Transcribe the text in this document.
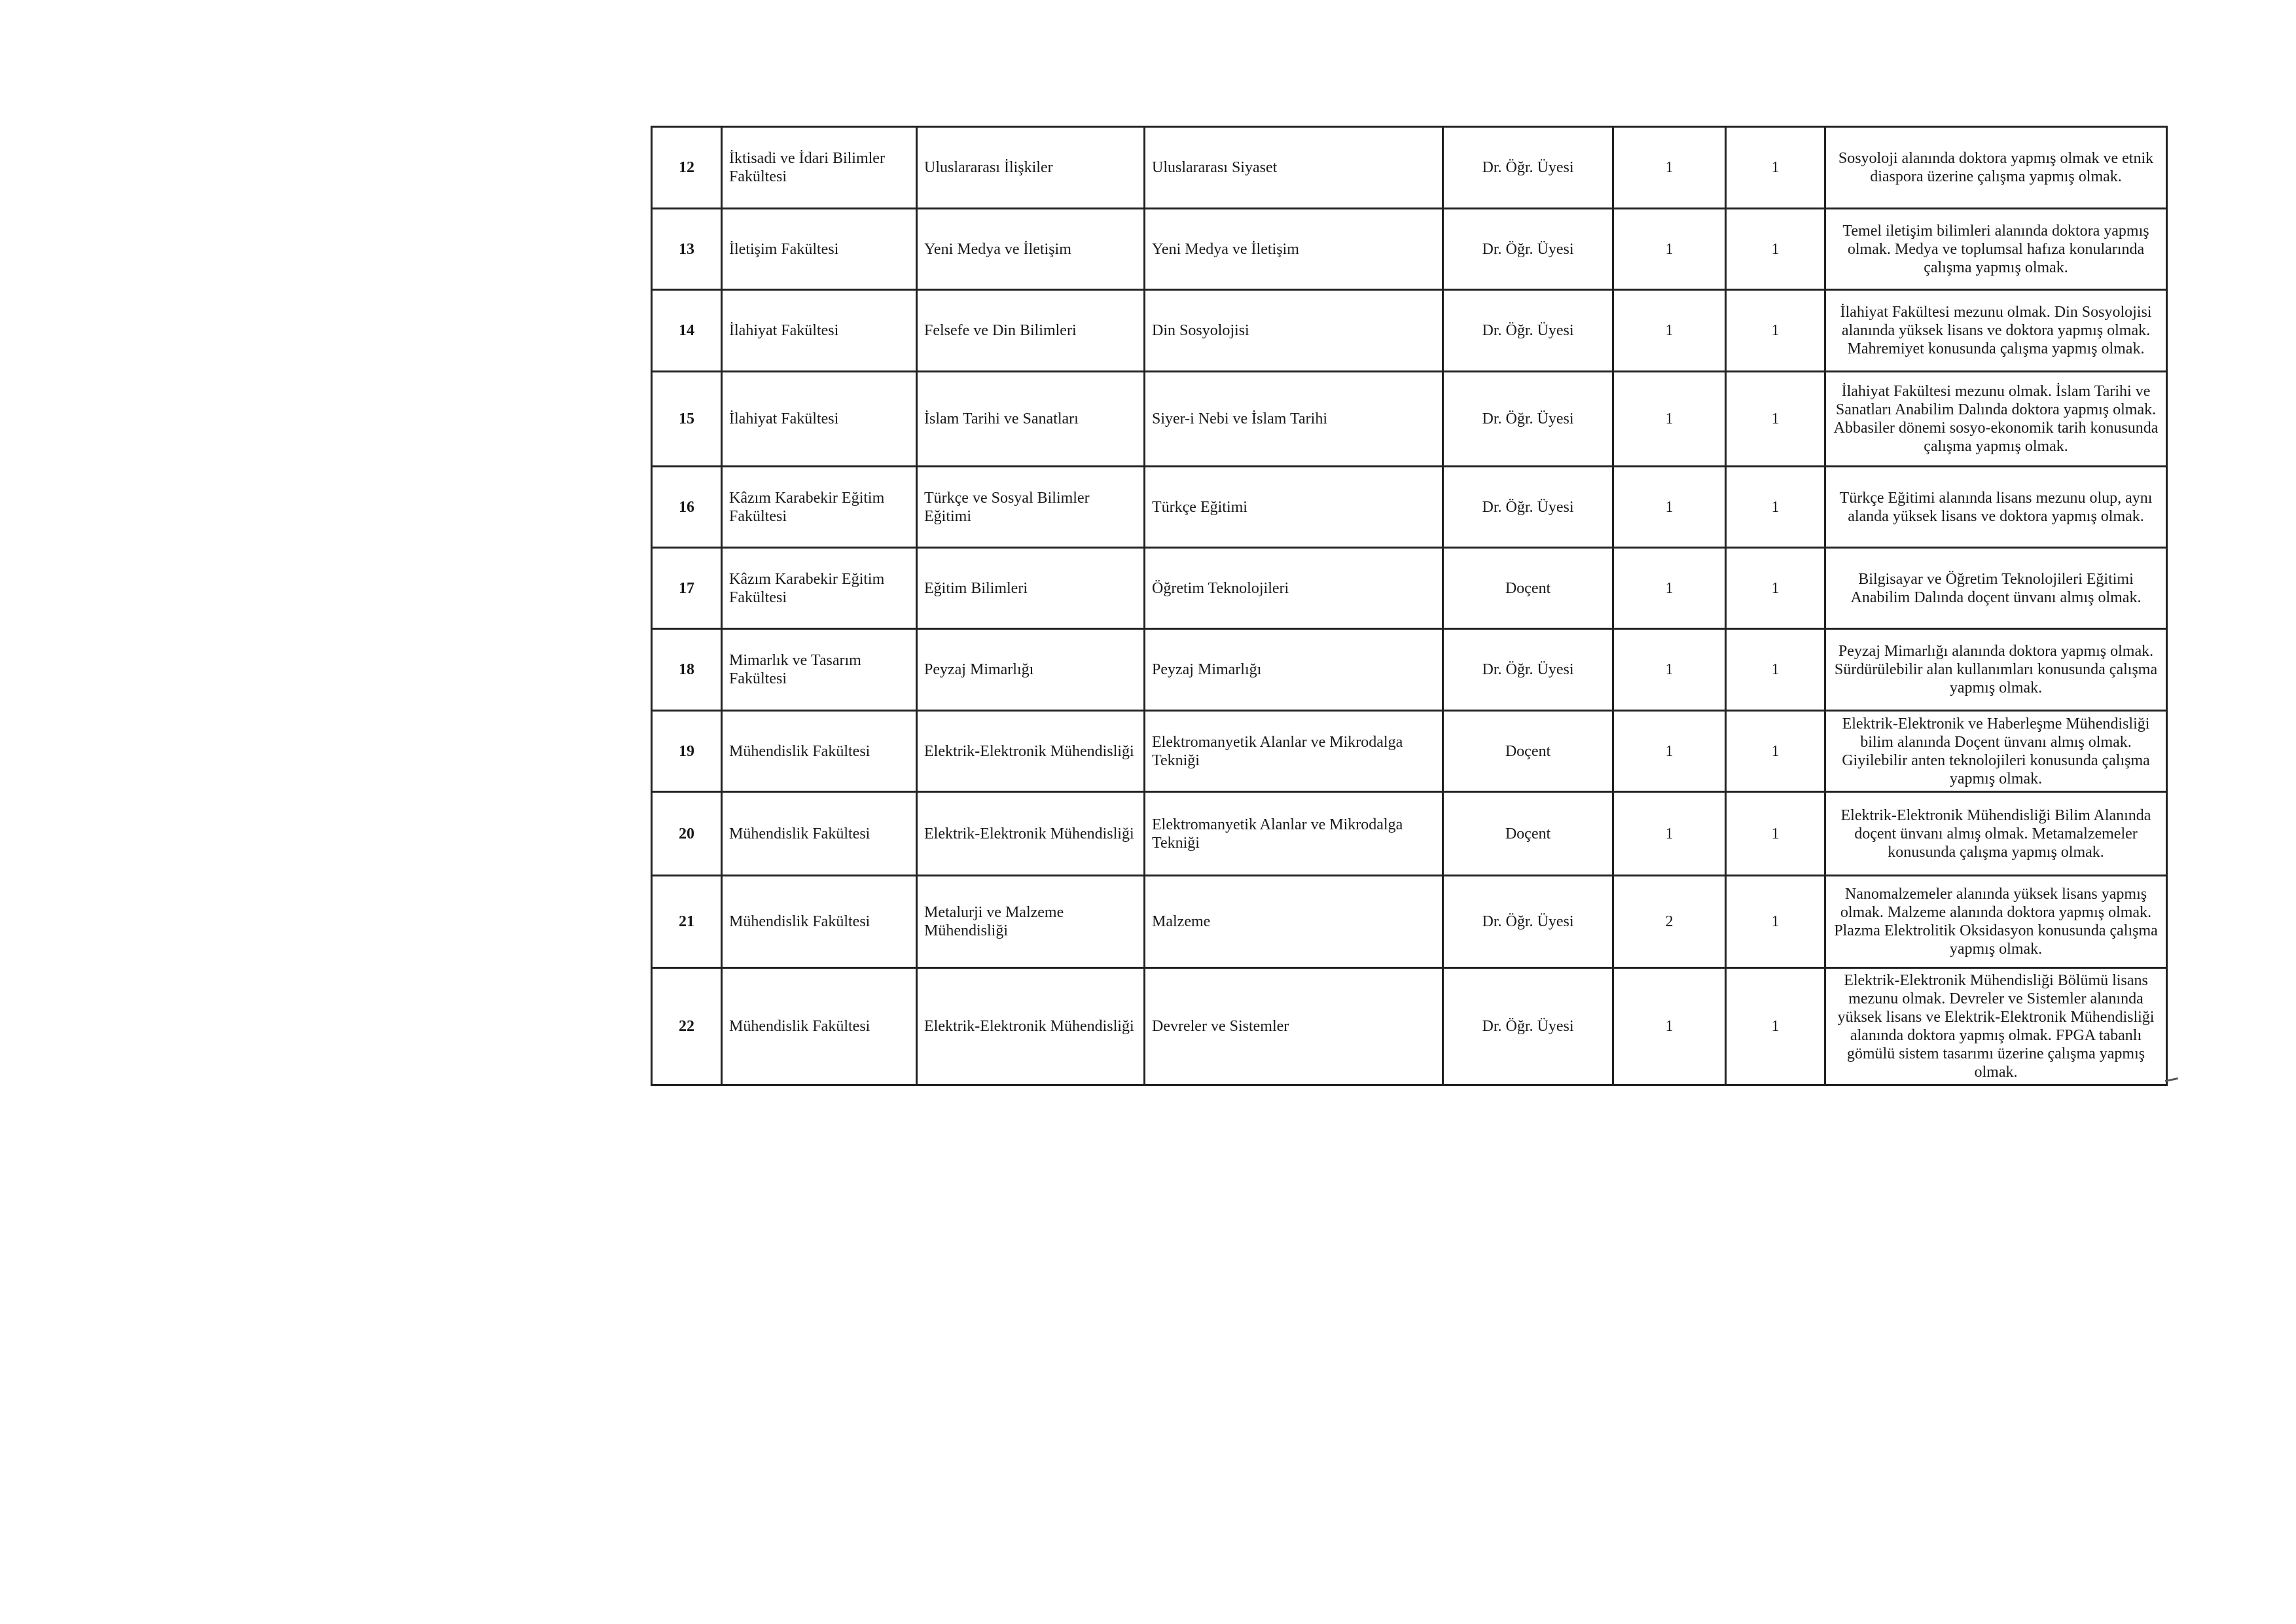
12	İktisadi ve İdari Bilimler Fakültesi	Uluslararası İlişkiler	Uluslararası Siyaset	Dr. Öğr. Üyesi	1	1	Sosyoloji alanında doktora yapmış olmak ve etnik diaspora üzerine çalışma yapmış olmak.
13	İletişim Fakültesi	Yeni Medya ve İletişim	Yeni Medya ve İletişim	Dr. Öğr. Üyesi	1	1	Temel iletişim bilimleri alanında doktora yapmış olmak. Medya ve toplumsal hafıza konularında çalışma yapmış olmak.
14	İlahiyat Fakültesi	Felsefe ve Din Bilimleri	Din Sosyolojisi	Dr. Öğr. Üyesi	1	1	İlahiyat Fakültesi mezunu olmak. Din Sosyolojisi alanında yüksek lisans ve doktora yapmış olmak. Mahremiyet konusunda çalışma yapmış olmak.
15	İlahiyat Fakültesi	İslam Tarihi ve Sanatları	Siyer-i Nebi ve İslam Tarihi	Dr. Öğr. Üyesi	1	1	İlahiyat Fakültesi mezunu olmak. İslam Tarihi ve Sanatları Anabilim Dalında doktora yapmış olmak. Abbasiler dönemi sosyo-ekonomik tarih konusunda çalışma yapmış olmak.
16	Kâzım Karabekir Eğitim Fakültesi	Türkçe ve Sosyal Bilimler Eğitimi	Türkçe Eğitimi	Dr. Öğr. Üyesi	1	1	Türkçe Eğitimi alanında lisans mezunu olup, aynı alanda yüksek lisans ve doktora yapmış olmak.
17	Kâzım Karabekir Eğitim Fakültesi	Eğitim Bilimleri	Öğretim Teknolojileri	Doçent	1	1	Bilgisayar ve Öğretim Teknolojileri Eğitimi Anabilim Dalında doçent ünvanı almış olmak.
18	Mimarlık ve Tasarım Fakültesi	Peyzaj Mimarlığı	Peyzaj Mimarlığı	Dr. Öğr. Üyesi	1	1	Peyzaj Mimarlığı alanında doktora yapmış olmak. Sürdürülebilir alan kullanımları konusunda çalışma yapmış olmak.
19	Mühendislik Fakültesi	Elektrik-Elektronik Mühendisliği	Elektromanyetik Alanlar ve Mikrodalga Tekniği	Doçent	1	1	Elektrik-Elektronik ve Haberleşme Mühendisliği bilim alanında Doçent ünvanı almış olmak. Giyilebilir anten teknolojileri konusunda çalışma yapmış olmak.
20	Mühendislik Fakültesi	Elektrik-Elektronik Mühendisliği	Elektromanyetik Alanlar ve Mikrodalga Tekniği	Doçent	1	1	Elektrik-Elektronik Mühendisliği Bilim Alanında doçent ünvanı almış olmak. Metamalzemeler konusunda çalışma yapmış olmak.
21	Mühendislik Fakültesi	Metalurji ve Malzeme Mühendisliği	Malzeme	Dr. Öğr. Üyesi	2	1	Nanomalzemeler alanında yüksek lisans yapmış olmak. Malzeme alanında doktora yapmış olmak. Plazma Elektrolitik Oksidasyon konusunda çalışma yapmış olmak.
22	Mühendislik Fakültesi	Elektrik-Elektronik Mühendisliği	Devreler ve Sistemler	Dr. Öğr. Üyesi	1	1	Elektrik-Elektronik Mühendisliği Bölümü lisans mezunu olmak. Devreler ve Sistemler alanında yüksek lisans ve Elektrik-Elektronik Mühendisliği alanında doktora yapmış olmak. FPGA tabanlı gömülü sistem tasarımı üzerine çalışma yapmış olmak.
